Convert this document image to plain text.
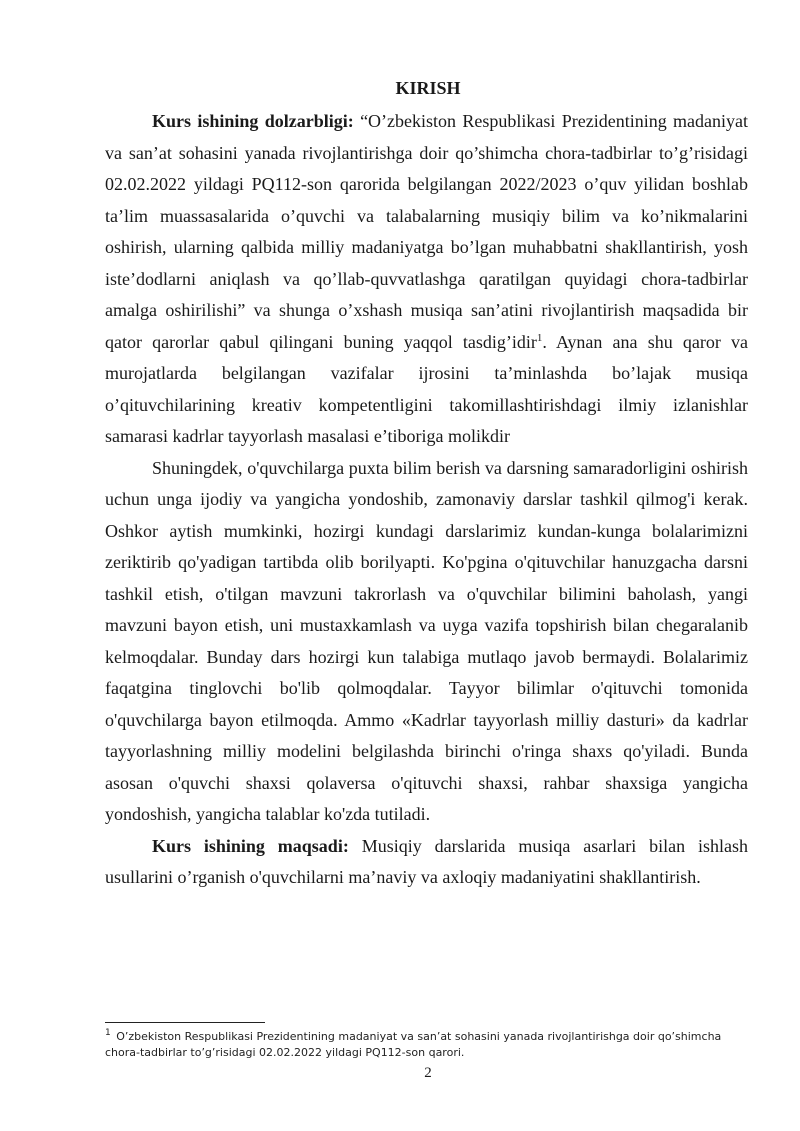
KIRISH

Kurs ishining dolzarbligi: “O’zbekiston Respublikasi Prezidentining madaniyat va san’at sohasini yanada rivojlantirishga doir qo’shimcha chora-tadbirlar to’g’risidagi 02.02.2022 yildagi PQ112-son qarorida belgilangan 2022/2023 o’quv yilidan boshlab ta’lim muassasalarida o’quvchi va talabalarning musiqiy bilim va ko’nikmalarini oshirish, ularning qalbida milliy madaniyatga bo’lgan muhabbatni shakllantirish, yosh iste’dodlarni aniqlash va qo’llab-quvvatlashga qaratilgan quyidagi chora-tadbirlar amalga oshirilishi” va shunga o’xshash musiqa san’atini rivojlantirish maqsadida bir qator qarorlar qabul qilingani buning yaqqol tasdig’idir$^1$. Aynan ana shu qaror va murojatlarda belgilangan vazifalar ijrosini ta’minlashda bo’lajak musiqa o’qituvchilarining kreativ kompetentligini takomillashtirishdagi ilmiy izlanishlar samarasi kadrlar tayyorlash masalasi e’tiboriga molikdir

Shuningdek, o'quvchilarga puxta bilim berish va darsning samaradorligini oshirish uchun unga ijodiy va yangicha yondoshib, zamonaviy darslar tashkil qilmog'i kerak. Oshkor aytish mumkinki, hozirgi kundagi darslarimiz kundan-kunga bolalarimizni zeriktirib qo'yadigan tartibda olib borilyapti. Ko'pgina o'qituvchilar hanuzgacha darsni tashkil etish, o'tilgan mavzuni takrorlash va o'quvchilar bilimini baholash, yangi mavzuni bayon etish, uni mustaxkamlash va uyga vazifa topshirish bilan chegaralanib kelmoqdalar. Bunday dars hozirgi kun talabiga mutlaqo javob bermaydi. Bolalarimiz faqatgina tinglovchi bo'lib qolmoqdalar. Tayyor bilimlar o'qituvchi tomonida o'quvchilarga bayon etilmoqda. Ammo «Kadrlar tayyorlash milliy dasturi» da kadrlar tayyorlashning milliy modelini belgilashda birinchi o'ringa shaxs qo'yiladi. Bunda asosan o'quvchi shaxsi qolaversa o'qituvchi shaxsi, rahbar shaxsiga yangicha yondoshish, yangicha talablar ko'zda tutiladi.

Kurs ishining maqsadi: Musiqiy darslarida musiqa asarlari bilan ishlash usullarini o’rganish o'quvchilarni ma’naviy va axloqiy madaniyatini shakllantirish.

$^1$ O’zbekiston Respublikasi Prezidentining madaniyat va san’at sohasini yanada rivojlantirishga doir qo’shimcha chora-tadbirlar to’g’risidagi 02.02.2022 yildagi PQ112-son qarori.
2
